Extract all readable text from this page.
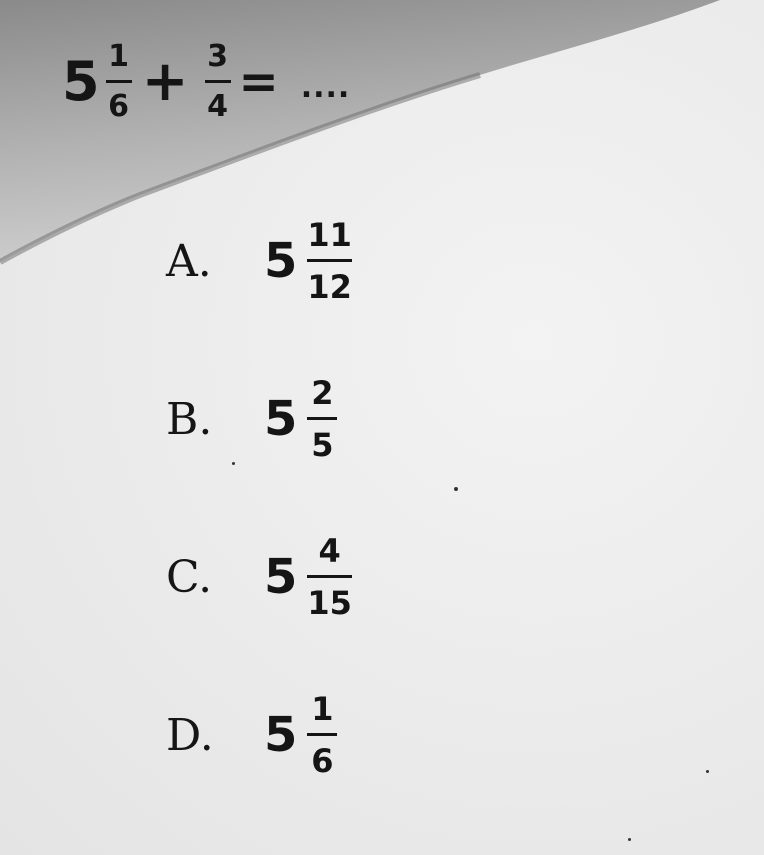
$5 \frac{1}{6} + \frac{3}{4}$ = ....
A.	$5 \frac{11}{12}$
B.	$5 \frac{2}{5}$
C.	$5 \frac{4}{15}$
D.	$5 \frac{1}{6}$
